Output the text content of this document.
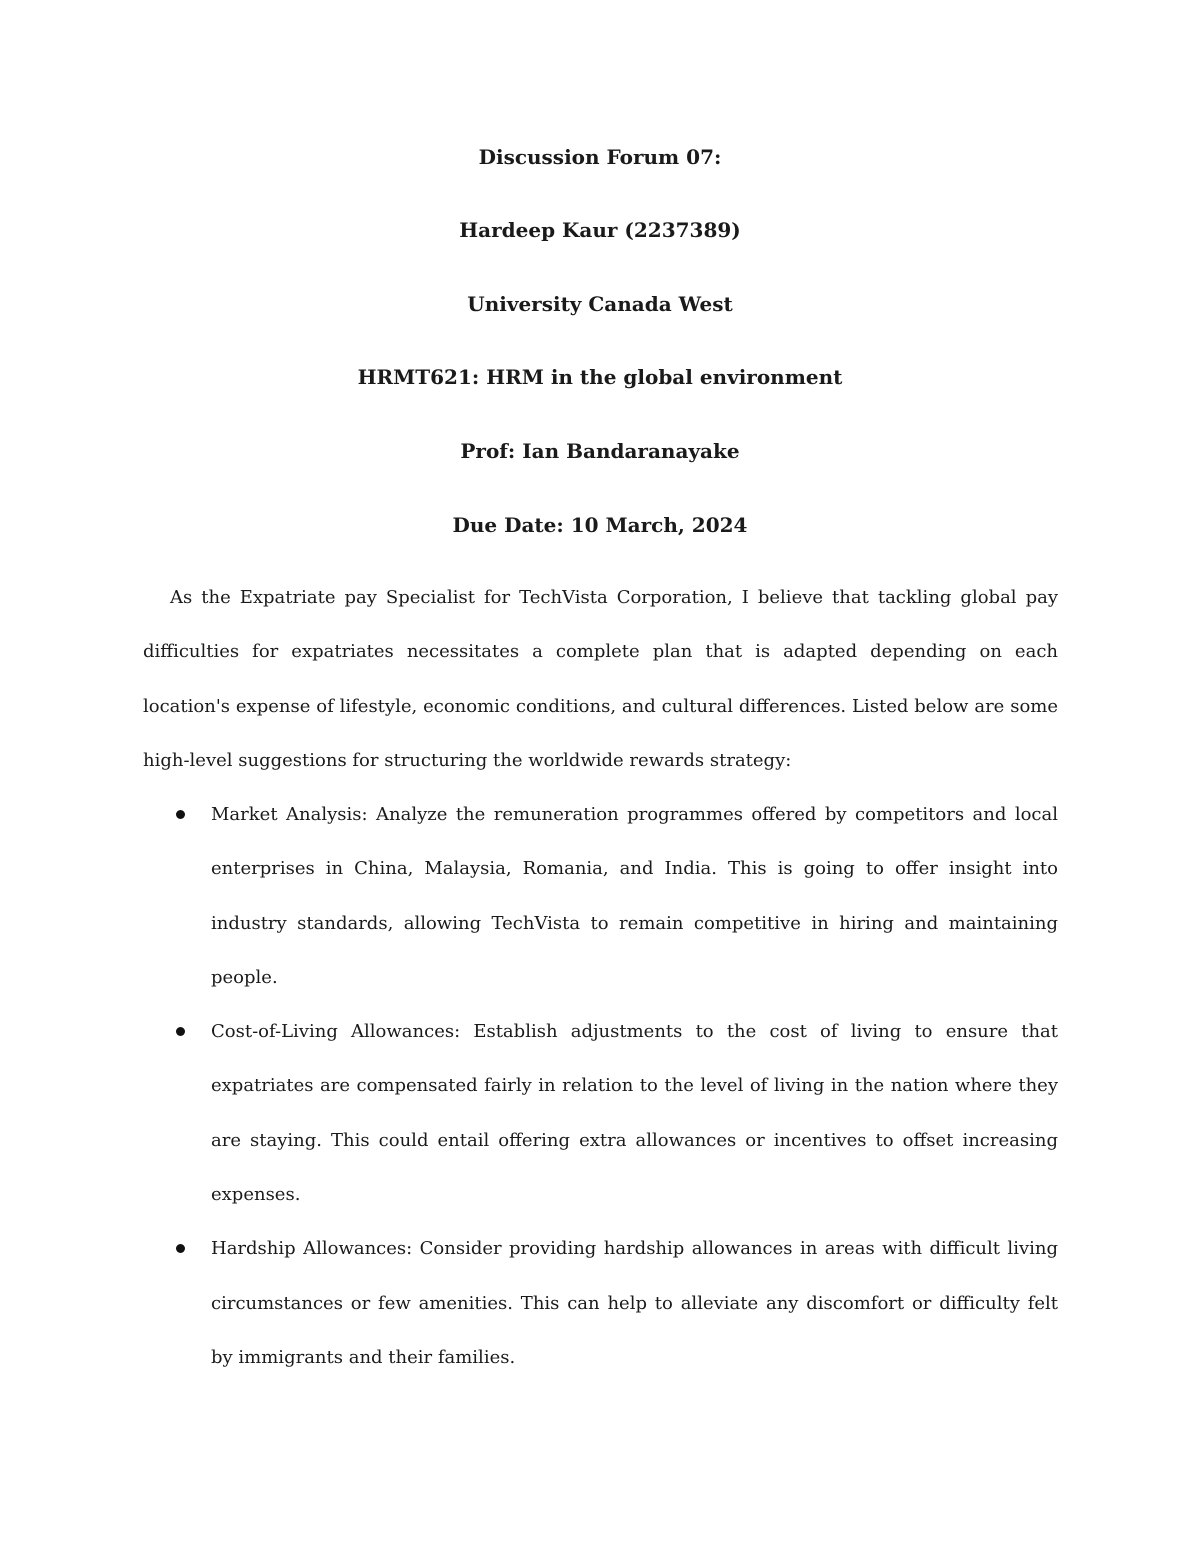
Discussion Forum 07:

Hardeep Kaur (2237389)

University Canada West

HRMT621: HRM in the global environment

Prof: Ian Bandaranayake

Due Date: 10 March, 2024

As the Expatriate pay Specialist for TechVista Corporation, I believe that tackling global pay difficulties for expatriates necessitates a complete plan that is adapted depending on each location's expense of lifestyle, economic conditions, and cultural differences. Listed below are some high-level suggestions for structuring the worldwide rewards strategy:

Market Analysis: Analyze the remuneration programmes offered by competitors and local enterprises in China, Malaysia, Romania, and India. This is going to offer insight into industry standards, allowing TechVista to remain competitive in hiring and maintaining people.
Cost-of-Living Allowances: Establish adjustments to the cost of living to ensure that expatriates are compensated fairly in relation to the level of living in the nation where they are staying. This could entail offering extra allowances or incentives to offset increasing expenses.
Hardship Allowances: Consider providing hardship allowances in areas with difficult living circumstances or few amenities. This can help to alleviate any discomfort or difficulty felt by immigrants and their families.
